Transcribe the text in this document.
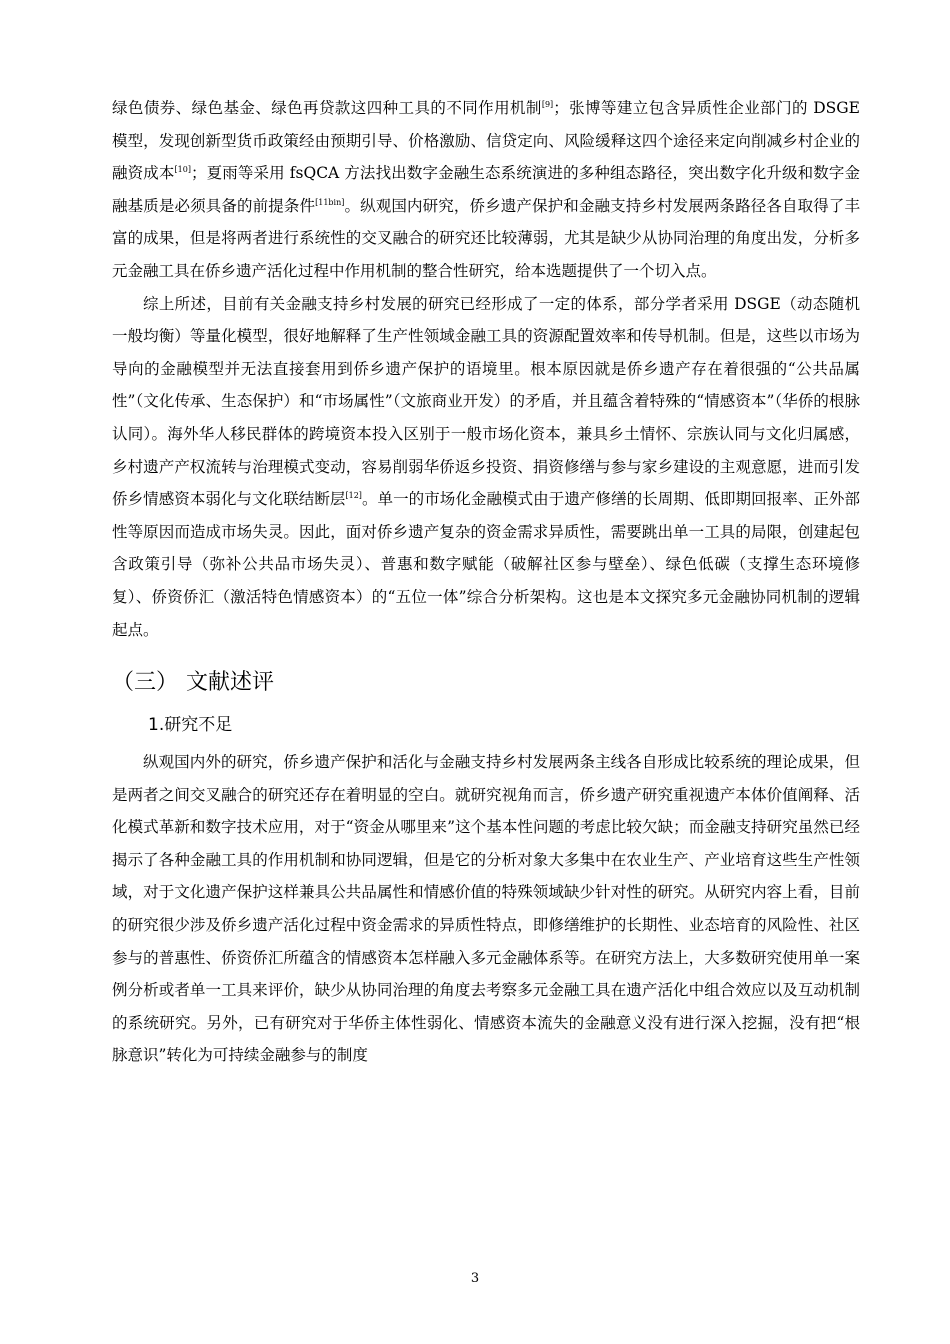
绿色债券、绿色基金、绿色再贷款这四种工具的不同作用机制[9]；张博等建立包含异质性企业部门的 DSGE 模型，发现创新型货币政策经由预期引导、价格激励、信贷定向、风险缓释这四个途径来定向削减乡村企业的融资成本[10]；夏雨等采用 fsQCA 方法找出数字金融生态系统演进的多种组态路径，突出数字化升级和数字金融基质是必须具备的前提条件[11bin]。纵观国内研究，侨乡遗产保护和金融支持乡村发展两条路径各自取得了丰富的成果，但是将两者进行系统性的交叉融合的研究还比较薄弱，尤其是缺少从协同治理的角度出发，分析多元金融工具在侨乡遗产活化过程中作用机制的整合性研究，给本选题提供了一个切入点。

综上所述，目前有关金融支持乡村发展的研究已经形成了一定的体系，部分学者采用 DSGE（动态随机一般均衡）等量化模型，很好地解释了生产性领域金融工具的资源配置效率和传导机制。但是，这些以市场为导向的金融模型并无法直接套用到侨乡遗产保护的语境里。根本原因就是侨乡遗产存在着很强的“公共品属性”（文化传承、生态保护）和“市场属性”（文旅商业开发）的矛盾，并且蕴含着特殊的“情感资本”（华侨的根脉认同）。海外华人移民群体的跨境资本投入区别于一般市场化资本，兼具乡土情怀、宗族认同与文化归属感，乡村遗产产权流转与治理模式变动，容易削弱华侨返乡投资、捐资修缮与参与家乡建设的主观意愿，进而引发侨乡情感资本弱化与文化联结断层[12]。单一的市场化金融模式由于遗产修缮的长周期、低即期回报率、正外部性等原因而造成市场失灵。因此，面对侨乡遗产复杂的资金需求异质性，需要跳出单一工具的局限，创建起包含政策引导（弥补公共品市场失灵）、普惠和数字赋能（破解社区参与壁垒）、绿色低碳（支撑生态环境修复）、侨资侨汇（激活特色情感资本）的“五位一体”综合分析架构。这也是本文探究多元金融协同机制的逻辑起点。

（三） 文献述评
1.研究不足

纵观国内外的研究，侨乡遗产保护和活化与金融支持乡村发展两条主线各自形成比较系统的理论成果，但是两者之间交叉融合的研究还存在着明显的空白。就研究视角而言，侨乡遗产研究重视遗产本体价值阐释、活化模式革新和数字技术应用，对于“资金从哪里来”这个基本性问题的考虑比较欠缺；而金融支持研究虽然已经揭示了各种金融工具的作用机制和协同逻辑，但是它的分析对象大多集中在农业生产、产业培育这些生产性领域，对于文化遗产保护这样兼具公共品属性和情感价值的特殊领域缺少针对性的研究。从研究内容上看，目前的研究很少涉及侨乡遗产活化过程中资金需求的异质性特点，即修缮维护的长期性、业态培育的风险性、社区参与的普惠性、侨资侨汇所蕴含的情感资本怎样融入多元金融体系等。在研究方法上，大多数研究使用单一案例分析或者单一工具来评价，缺少从协同治理的角度去考察多元金融工具在遗产活化中组合效应以及互动机制的系统研究。另外，已有研究对于华侨主体性弱化、情感资本流失的金融意义没有进行深入挖掘，没有把“根脉意识”转化为可持续金融参与的制度

3
